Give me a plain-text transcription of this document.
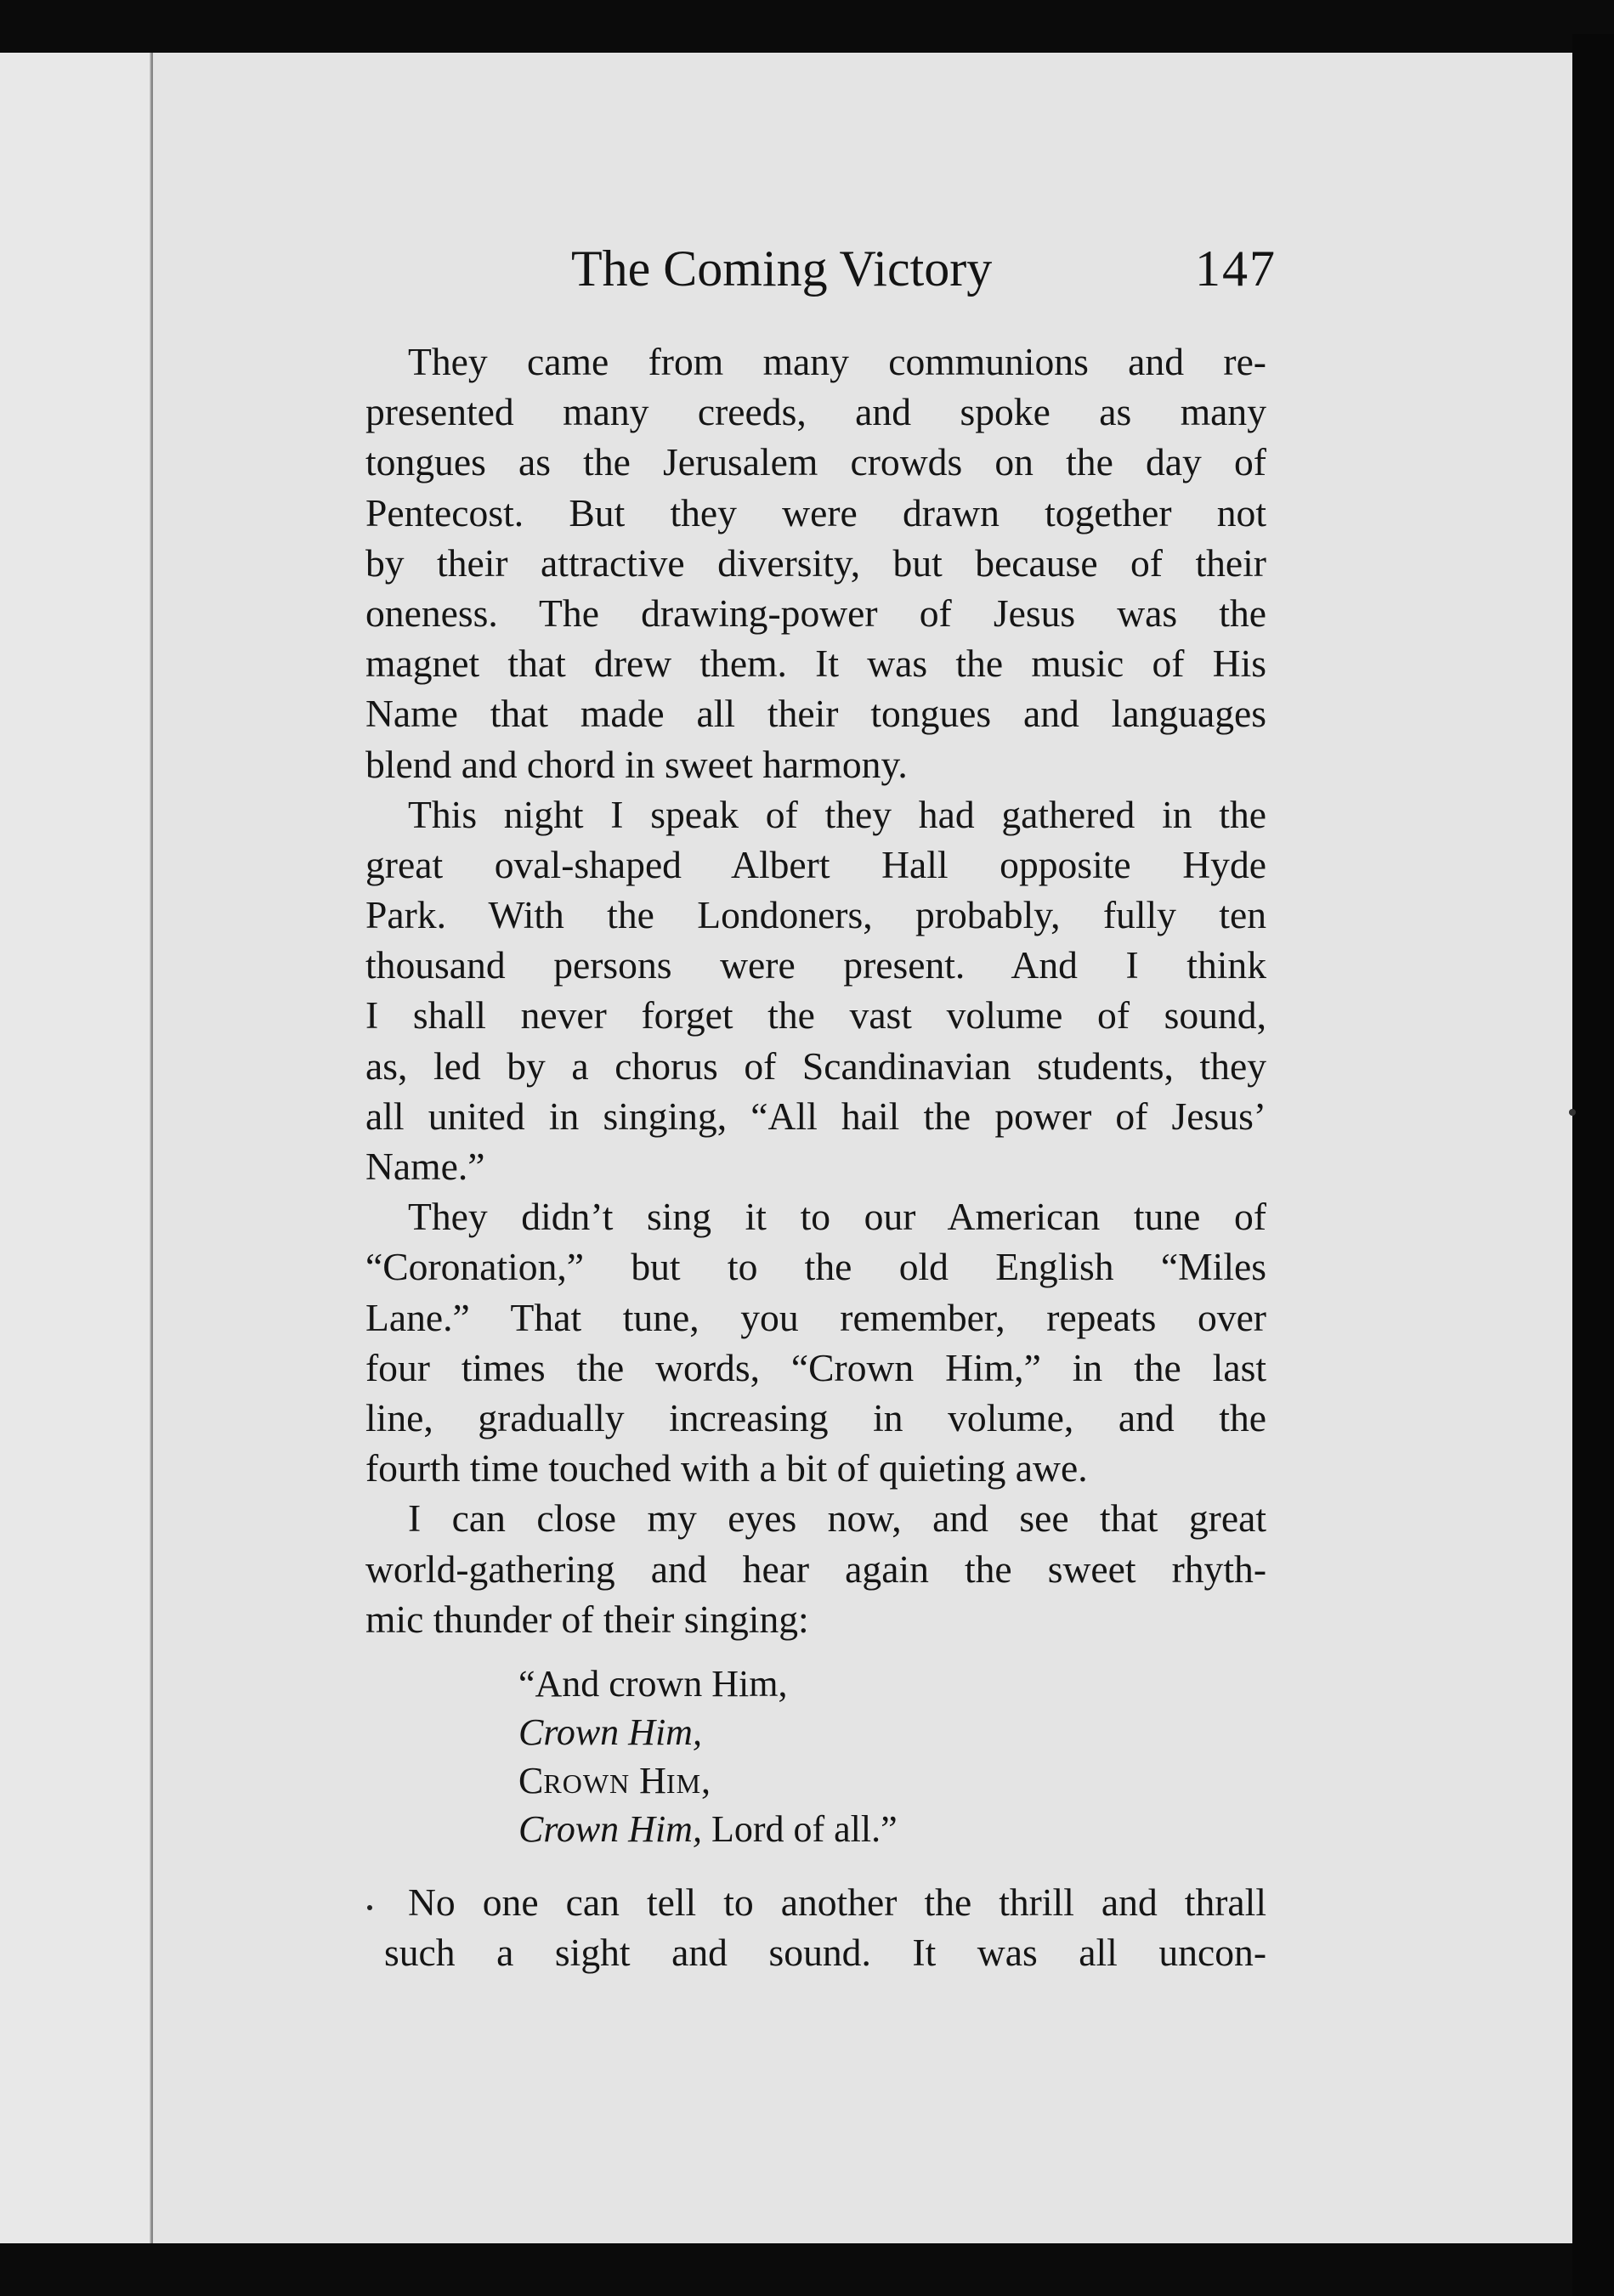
The Coming Victory	147
They came from many communions and re-
presented many creeds, and spoke as many
tongues as the Jerusalem crowds on the day of
Pentecost. But they were drawn together not
by their attractive diversity, but because of their
oneness. The drawing-power of Jesus was the
magnet that drew them. It was the music of His
Name that made all their tongues and languages
blend and chord in sweet harmony.
This night I speak of they had gathered in the
great oval-shaped Albert Hall opposite Hyde
Park. With the Londoners, probably, fully ten
thousand persons were present. And I think
I shall never forget the vast volume of sound,
as, led by a chorus of Scandinavian students, they
all united in singing, “All hail the power of Jesus’
Name.”
They didn’t sing it to our American tune of
“Coronation,” but to the old English “Miles
Lane.” That tune, you remember, repeats over
four times the words, “Crown Him,” in the last
line, gradually increasing in volume, and the
fourth time touched with a bit of quieting awe.
I can close my eyes now, and see that great
world-gathering and hear again the sweet rhyth-
mic thunder of their singing:
“And crown Him,
Crown Him,
CROWN HIM,
Crown Him, Lord of all.”
No one can tell to another the thrill and thrall
such a sight and sound. It was all uncon-
